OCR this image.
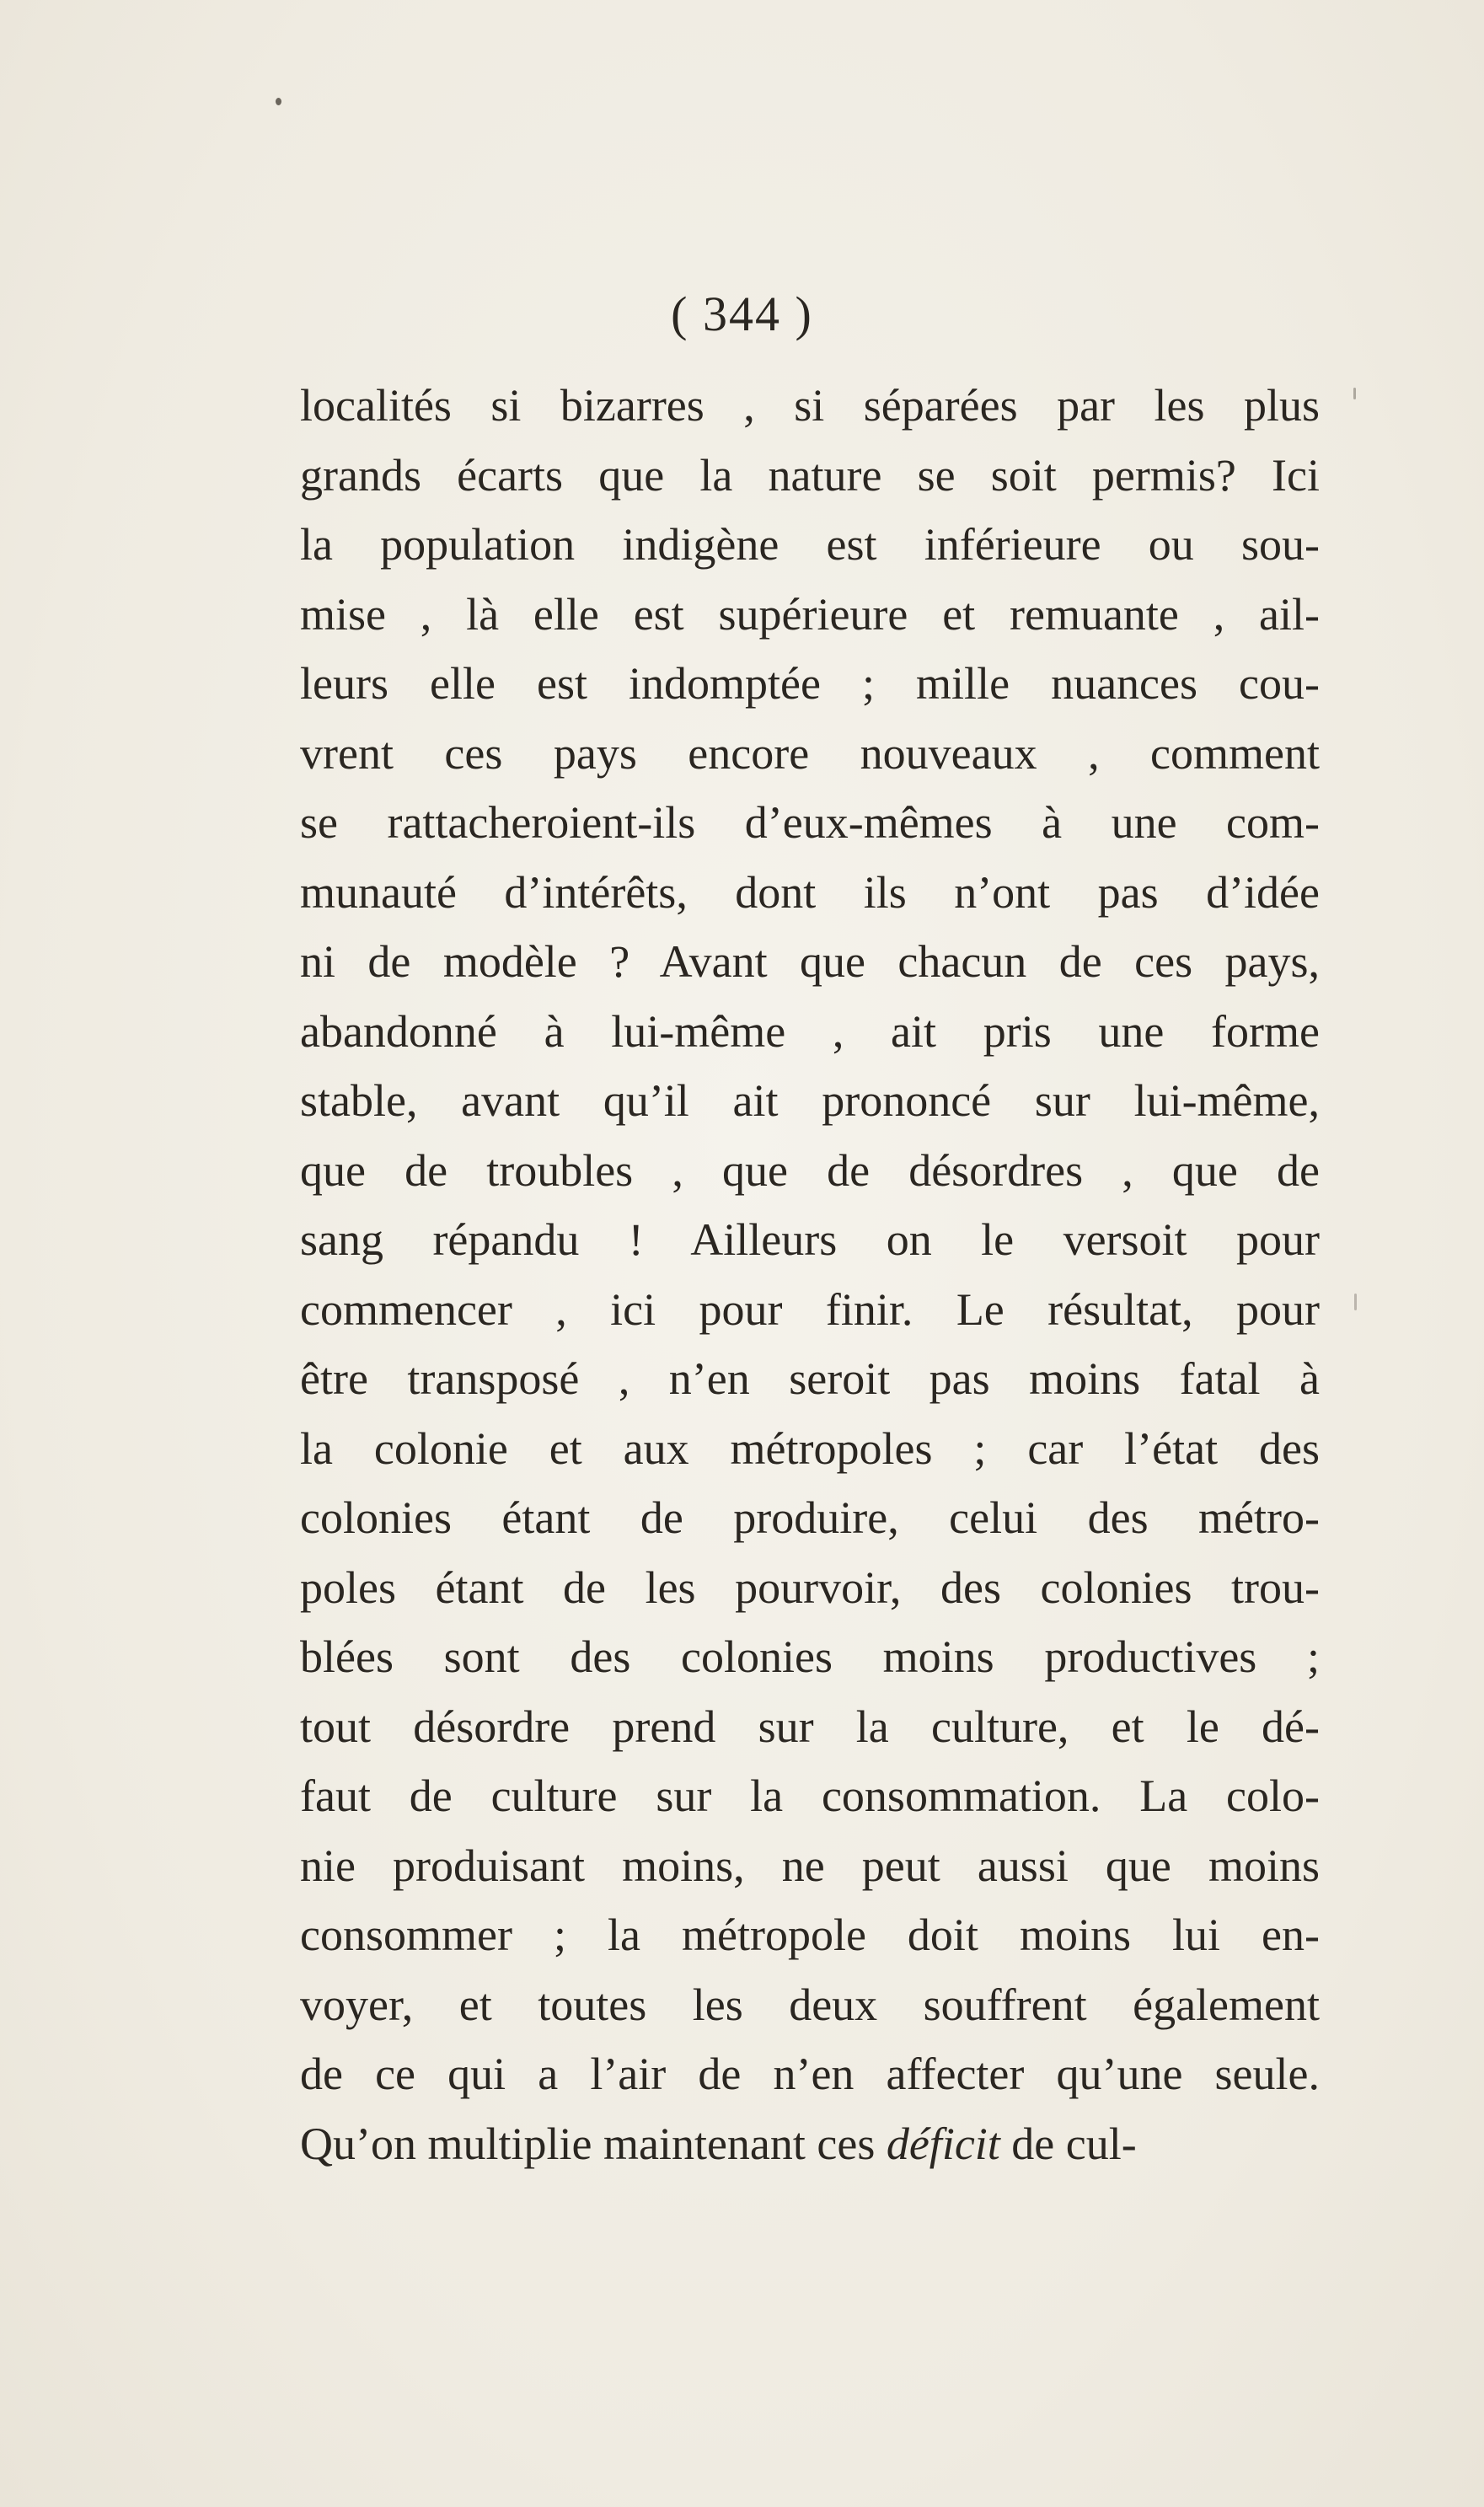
( 344 )
localités si bizarres , si séparées par les plus
grands écarts que la nature se soit permis? Ici
la population indigène est inférieure ou sou-
mise , là elle est supérieure et remuante , ail-
leurs elle est indomptée ; mille nuances cou-
vrent ces pays encore nouveaux , comment
se rattacheroient-ils d’eux-mêmes à une com-
munauté d’intérêts, dont ils n’ont pas d’idée
ni de modèle ? Avant que chacun de ces pays,
abandonné à lui-même , ait pris une forme
stable, avant qu’il ait prononcé sur lui-même,
que de troubles , que de désordres , que de
sang répandu ! Ailleurs on le versoit pour
commencer , ici pour finir. Le résultat, pour
être transposé , n’en seroit pas moins fatal à
la colonie et aux métropoles ; car l’état des
colonies étant de produire, celui des métro-
poles étant de les pourvoir, des colonies trou-
blées sont des colonies moins productives ;
tout désordre prend sur la culture, et le dé-
faut de culture sur la consommation. La colo-
nie produisant moins, ne peut aussi que moins
consommer ; la métropole doit moins lui en-
voyer, et toutes les deux souffrent également
de ce qui a l’air de n’en affecter qu’une seule.
Qu’on multiplie maintenant ces déficit de cul-
